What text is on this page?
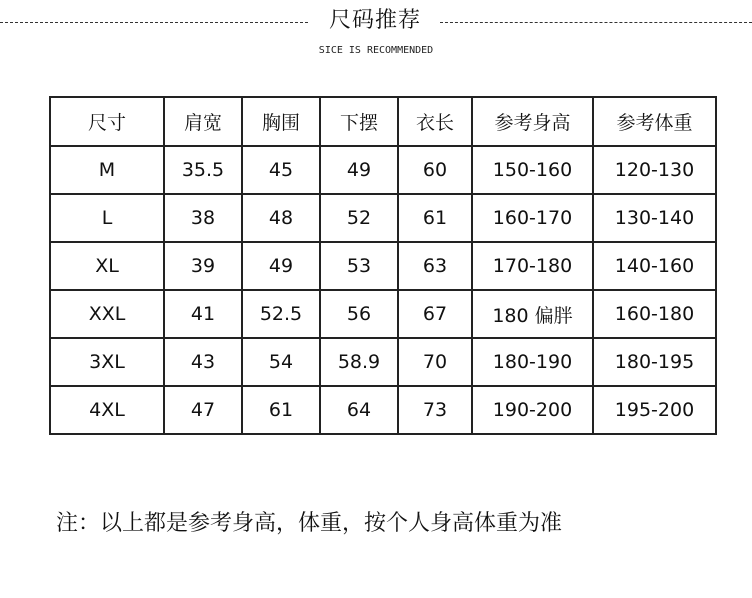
尺码推荐
SICE IS RECOMMENDED
尺寸	肩宽	胸围	下摆	衣长	参考身高	参考体重
M	35.5	45	49	60	150-160	120-130
L	38	48	52	61	160-170	130-140
XL	39	49	53	63	170-180	140-160
XXL	41	52.5	56	67	180 偏胖	160-180
3XL	43	54	58.9	70	180-190	180-195
4XL	47	61	64	73	190-200	195-200
注：以上都是参考身高，体重，按个人身高体重为准
